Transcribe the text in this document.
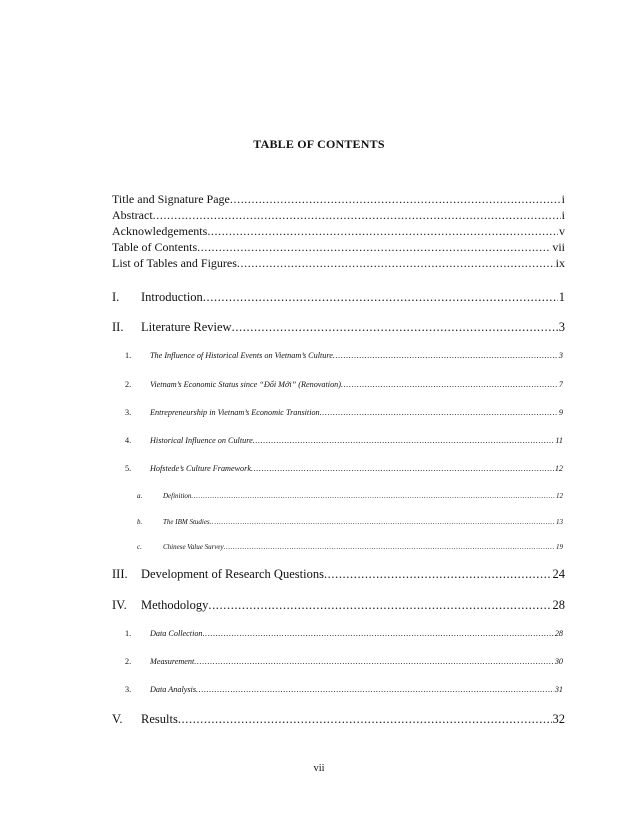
TABLE OF CONTENTS
Title and Signature Page .....	i
Abstract .....	i
Acknowledgements .....	v
Table of Contents .....	vii
List of Tables and Figures .....	ix
I.	Introduction .....	1
II.	Literature Review .....	3
1.	The Influence of Historical Events on Vietnam’s Culture .....	3
2.	Vietnam’s Economic Status since “Đổi Mới” (Renovation) .....	7
3.	Entrepreneurship in Vietnam’s Economic Transition .....	9
4.	Historical Influence on Culture .....	11
5.	Hofstede’s Culture Framework .....	12
a.	Definition .....	12
b.	The IBM Studies .....	13
c.	Chinese Value Survey .....	19
III.	Development of Research Questions .....	24
IV.	Methodology .....	28
1.	Data Collection .....	28
2.	Measurement .....	30
3.	Data Analysis .....	31
V.	Results .....	32
vii
